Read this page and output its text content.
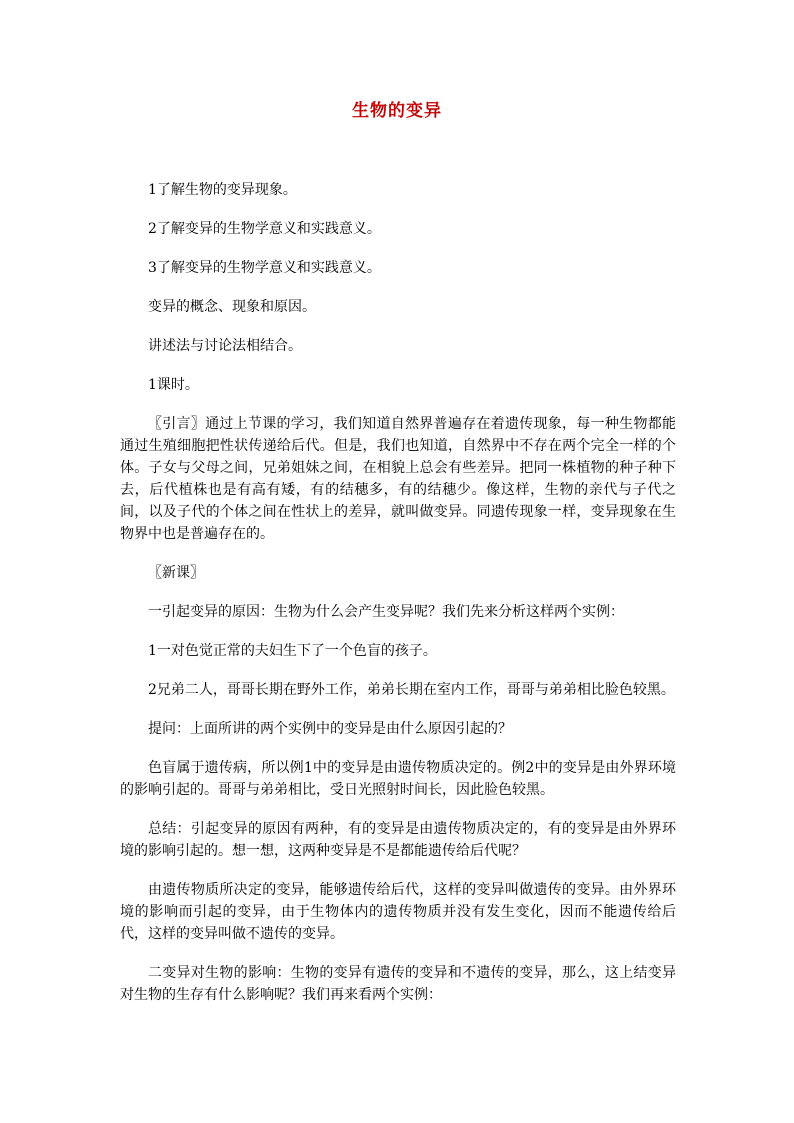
生物的变异

1了解生物的变异现象。

2了解变异的生物学意义和实践意义。

3了解变异的生物学意义和实践意义。

变异的概念、现象和原因。

讲述法与讨论法相结合。

1课时。

〖引言〗通过上节课的学习，我们知道自然界普遍存在着遗传现象，每一种生物都能通过生殖细胞把性状传递给后代。但是，我们也知道，自然界中不存在两个完全一样的个体。子女与父母之间，兄弟姐妹之间，在相貌上总会有些差异。把同一株植物的种子种下去，后代植株也是有高有矮，有的结穗多，有的结穗少。像这样，生物的亲代与子代之间，以及子代的个体之间在性状上的差异，就叫做变异。同遗传现象一样，变异现象在生物界中也是普遍存在的。

〖新课〗

一引起变异的原因：生物为什么会产生变异呢？我们先来分析这样两个实例：

1一对色觉正常的夫妇生下了一个色盲的孩子。

2兄弟二人，哥哥长期在野外工作，弟弟长期在室内工作，哥哥与弟弟相比脸色较黑。

提问：上面所讲的两个实例中的变异是由什么原因引起的？

色盲属于遗传病，所以例1中的变异是由遗传物质决定的。例2中的变异是由外界环境的影响引起的。哥哥与弟弟相比，受日光照射时间长，因此脸色较黑。

总结：引起变异的原因有两种，有的变异是由遗传物质决定的，有的变异是由外界环境的影响引起的。想一想，这两种变异是不是都能遗传给后代呢？

由遗传物质所决定的变异，能够遗传给后代，这样的变异叫做遗传的变异。由外界环境的影响而引起的变异，由于生物体内的遗传物质并没有发生变化，因而不能遗传给后代，这样的变异叫做不遗传的变异。

二变异对生物的影响：生物的变异有遗传的变异和不遗传的变异，那么，这上结变异对生物的生存有什么影响呢？我们再来看两个实例：
